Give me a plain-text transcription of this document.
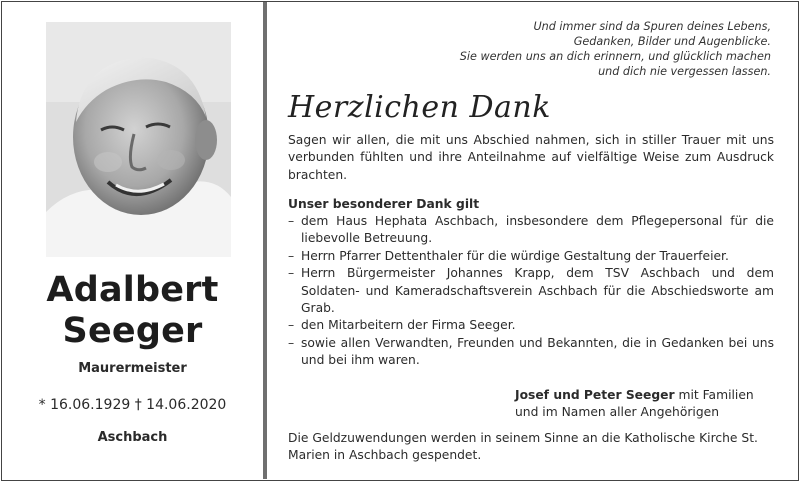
Adalbert
Seeger
Maurermeister
* 16.06.1929 † 14.06.2020
Aschbach
Und immer sind da Spuren deines Lebens,
Gedanken, Bilder und Augenblicke.
Sie werden uns an dich erinnern, und glücklich machen
und dich nie vergessen lassen.
Herzlichen Dank
Sagen wir allen, die mit uns Abschied nahmen, sich in stiller Trauer mit uns verbunden fühlten und ihre Anteilnahme auf vielfältige Weise zum Ausdruck brachten.
Unser besonderer Dank gilt
– dem Haus Hephata Aschbach, insbesondere dem Pflegepersonal für die liebevolle Betreuung.
– Herrn Pfarrer Dettenthaler für die würdige Gestaltung der Trauerfeier.
– Herrn Bürgermeister Johannes Krapp, dem TSV Aschbach und dem Soldaten- und Kameradschaftsverein Aschbach für die Abschiedsworte am Grab.
– den Mitarbeitern der Firma Seeger.
– sowie allen Verwandten, Freunden und Bekannten, die in Gedanken bei uns und bei ihm waren.
Josef und Peter Seeger mit Familien
und im Namen aller Angehörigen
Die Geldzuwendungen werden in seinem Sinne an die Katholische Kirche St. Marien in Aschbach gespendet.
